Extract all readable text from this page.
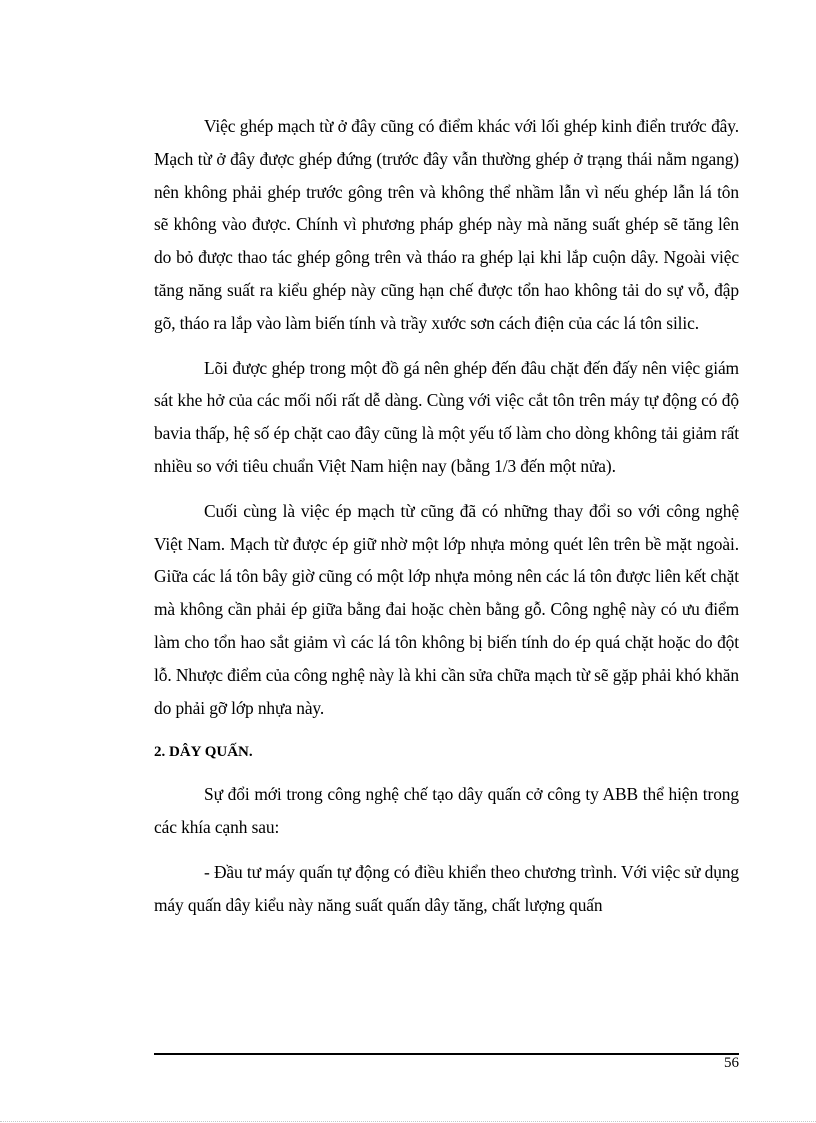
Việc ghép mạch từ ở đây cũng có điểm khác với lối ghép kinh điển trước đây. Mạch từ ở đây được ghép đứng (trước đây vẫn thường ghép ở trạng thái nằm ngang) nên không phải ghép trước gông trên và không thể nhầm lẫn vì nếu ghép lẫn lá tôn sẽ không vào được. Chính vì phương pháp ghép này mà năng suất ghép sẽ tăng lên do bỏ được thao tác ghép gông trên và tháo ra ghép lại khi lắp cuộn dây. Ngoài việc tăng năng suất ra kiểu ghép này cũng hạn chế được tổn hao không tải do sự vỗ, đập gõ, tháo ra lắp vào làm biến tính và trầy xước sơn cách điện của các lá tôn silic.

Lõi được ghép trong một đồ gá nên ghép đến đâu chặt đến đấy nên việc giám sát khe hở của các mối nối rất dễ dàng. Cùng với việc cắt tôn trên máy tự động có độ bavia thấp, hệ số ép chặt cao đây cũng là một yếu tố làm cho dòng không tải giảm rất nhiều so với tiêu chuẩn Việt Nam hiện nay (bằng 1/3 đến một nửa).

Cuối cùng là việc ép mạch từ cũng đã có những thay đổi so với công nghệ Việt Nam. Mạch từ được ép giữ nhờ một lớp nhựa mỏng quét lên trên bề mặt ngoài. Giữa các lá tôn bây giờ cũng có một lớp nhựa mỏng nên các lá tôn được liên kết chặt mà không cần phải ép giữa bằng đai hoặc chèn bằng gỗ. Công nghệ này có ưu điểm làm cho tổn hao sắt giảm vì các lá tôn không bị biến tính do ép quá chặt hoặc do đột lỗ. Nhược điểm của công nghệ này là khi cần sửa chữa mạch từ sẽ gặp phải khó khăn do phải gỡ lớp nhựa này.

2. DÂY QUẤN.

Sự đổi mới trong công nghệ chế tạo dây quấn cở công ty ABB thể hiện trong các khía cạnh sau:

- Đầu tư máy quấn tự động có điều khiển theo chương trình. Với việc sử dụng máy quấn dây kiểu này năng suất quấn dây tăng, chất lượng quấn

56
